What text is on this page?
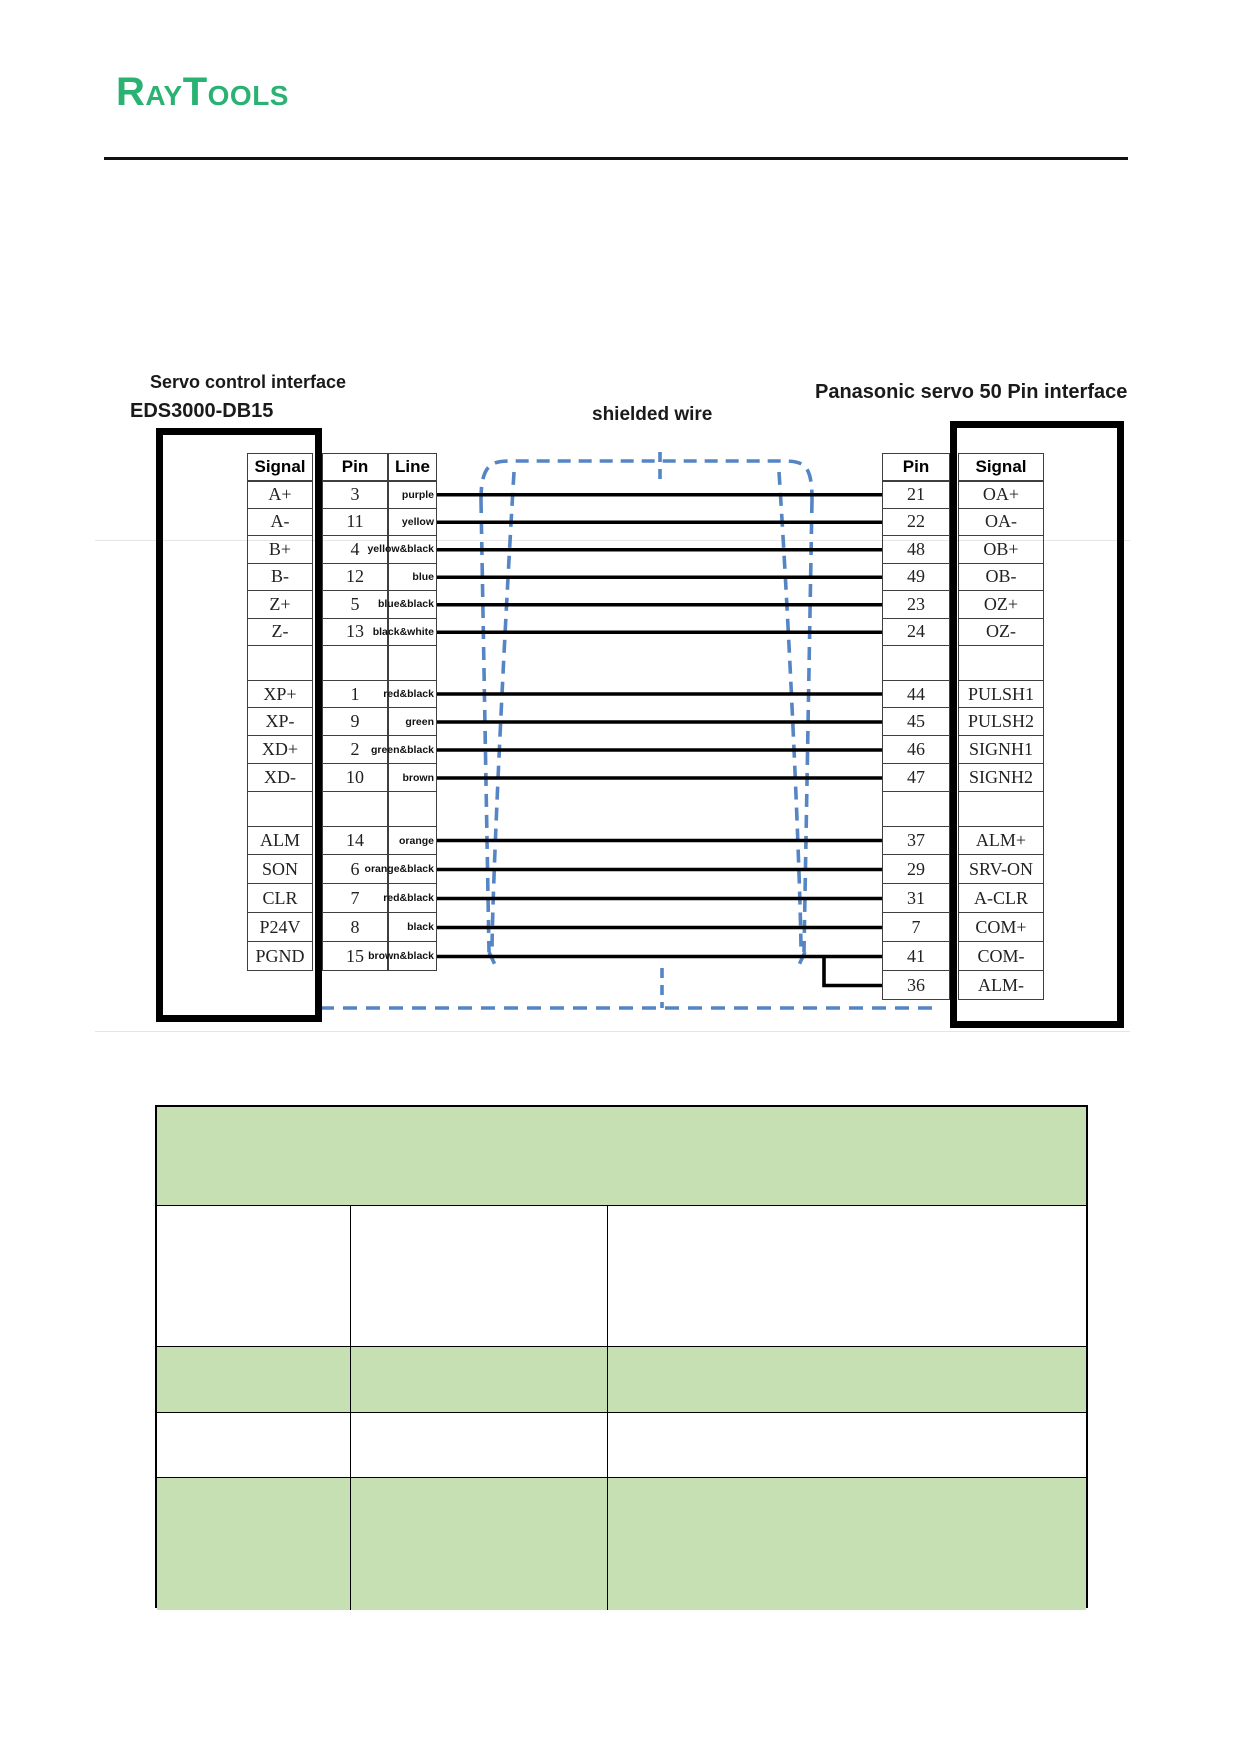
RayTools
Servo control interface
EDS3000-DB15	shielded wire
Panasonic servo 50 Pin interface
Signal
A+
A-
B+
B-
Z+
Z-
XP+
XP-
XD+
XD-
ALM
SON
CLR
P24V
PGND
Pin
3
11
4
12
5
13
1
9
2
10
14
6
7
8
15
Line
purple
yellow
yellow&black
blue
blue&black
black&white
red&black
green
green&black
brown
orange
orange&black
red&black
black
brown&black
Pin
21
22
48
49
23
24
44
45
46
47
37
29
31
7
41
36
Signal
OA+
OA-
OB+
OB-
OZ+
OZ-
PULSH1
PULSH2
SIGNH1
SIGNH2
ALM+
SRV-ON
A-CLR
COM+
COM-
ALM-
